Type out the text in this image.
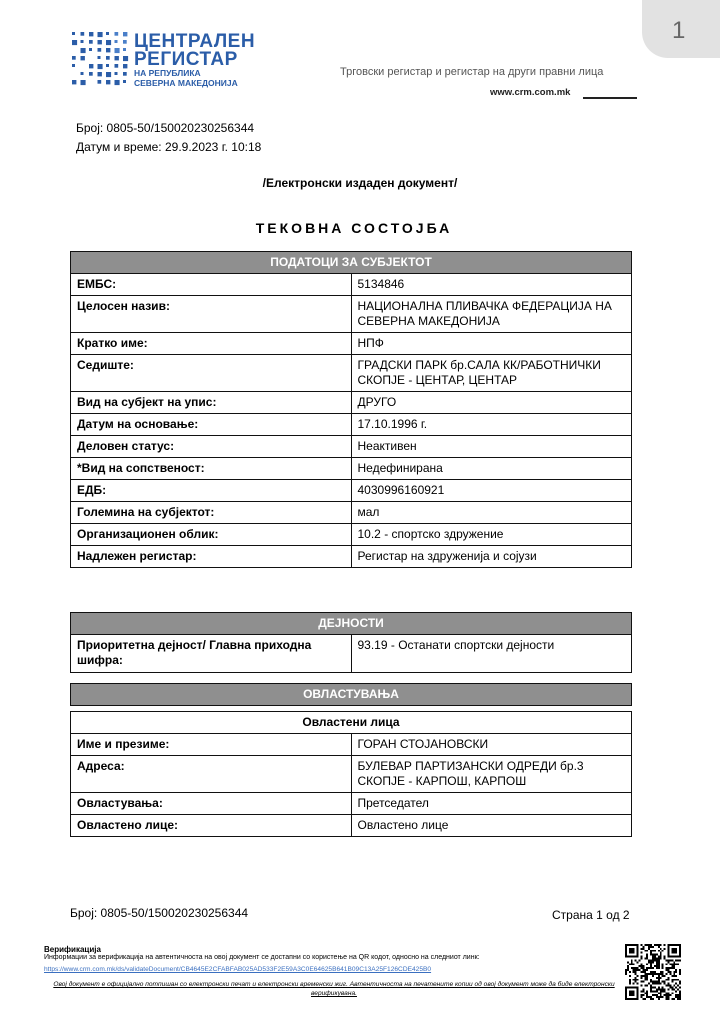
1
ЦЕНТРАЛЕН
РЕГИСТАР
НА РЕПУБЛИКА
СЕВЕРНА МАКЕДОНИЈА
Трговски регистар и регистар на други правни лица
www.crm.com.mk
Број: 0805-50/150020230256344
Датум и време: 29.9.2023 г. 10:18
/Електронски издаден документ/
ТЕКОВНА СОСТОЈБА
ПОДАТОЦИ ЗА СУБЈЕКТОТ	
ЕМБС:	5134846
Целосен назив:	НАЦИОНАЛНА ПЛИВАЧКА ФЕДЕРАЦИЈА НА СЕВЕРНА МАКЕДОНИЈА
Кратко име:	НПФ
Седиште:	ГРАДСКИ ПАРК бр.САЛА КК/РАБОТНИЧКИ СКОПЈЕ - ЦЕНТАР, ЦЕНТАР
Вид на субјект на упис:	ДРУГО
Датум на основање:	17.10.1996 г.
Деловен статус:	Неактивен
*Вид на сопственост:	Недефинирана
ЕДБ:	4030996160921
Големина на субјектот:	мал
Организационен облик:	10.2 - спортско здружение
Надлежен регистар:	Регистар на здруженија и сојузи
ДЕЈНОСТИ
Приоритетна дејност/ Главна приходна шифра:	93.19 - Останати спортски дејности
ОВЛАСТУВАЊА	

Овластени лица	
Име и презиме:	ГОРАН СТОЈАНОВСКИ
Адреса:	БУЛЕВАР ПАРТИЗАНСКИ ОДРЕДИ бр.3 СКОПЈЕ - КАРПОШ, КАРПОШ
Овластувања:	Претседател
Овластено лице:	Овластено лице
Број: 0805-50/150020230256344	Страна 1 од 2
Верификација
Информации за верификација на автентичноста на овој документ се достапни со користење на QR кодот, односно на следниот линк:
https://www.crm.com.mk/ds/validateDocument/CB4645E2CFABFAB025AD533F2E59A3C0E64625B641B09C13A25F126CDE425B0
Овој документ е официјално потпишан со електронски печат и електронски временски жиг. Автентичноста на печатените копии од овој документ може да биде електронски верификувана.
